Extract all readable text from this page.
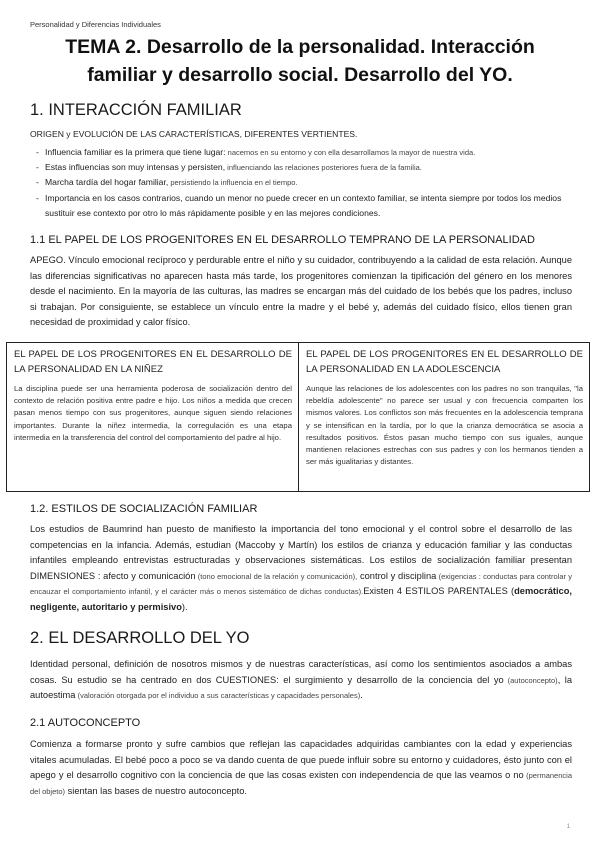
Personalidad y Diferencias Individuales
TEMA 2. Desarrollo de la personalidad. Interacción
familiar y desarrollo social. Desarrollo del YO.
1. INTERACCIÓN FAMILIAR
ORIGEN y EVOLUCIÓN DE LAS CARACTERÍSTICAS, DIFERENTES VERTIENTES.
- Influencia familiar es la primera que tiene lugar: nacemos en su entorno y con ella desarrollamos la mayor de nuestra vida.
- Estas influencias son muy intensas y persisten, influenciando las relaciones posteriores fuera de la familia.
- Marcha tardía del hogar familiar, persistiendo la influencia en el tiempo.
- Importancia en los casos contrarios, cuando un menor no puede crecer en un contexto familiar, se intenta siempre por todos los medios sustituir ese contexto por otro lo más rápidamente posible y en las mejores condiciones.
1.1 EL PAPEL DE LOS PROGENITORES EN EL DESARROLLO TEMPRANO DE LA PERSONALIDAD
APEGO. Vínculo emocional recíproco y perdurable entre el niño y su cuidador, contribuyendo a la calidad de esta relación. Aunque las diferencias significativas no aparecen hasta más tarde, los progenitores comienzan la tipificación del género en los menores desde el nacimiento. En la mayoría de las culturas, las madres se encargan más del cuidado de los bebés que los padres, incluso si trabajan. Por consiguiente, se establece un vínculo entre la madre y el bebé y, además del cuidado físico, ellos tienen gran necesidad de proximidad y calor físico.
EL PAPEL DE LOS PROGENITORES EN EL DESARROLLO DE LA PERSONALIDAD EN LA NIÑEZ
La disciplina puede ser una herramienta poderosa de socialización dentro del contexto de relación positiva entre padre e hijo. Los niños a medida que crecen pasan menos tiempo con sus progenitores, aunque siguen siendo relaciones importantes. Durante la niñez intermedia, la corregulación es una etapa intermedia en la transferencia del control del comportamiento del padre al hijo.
EL PAPEL DE LOS PROGENITORES EN EL DESARROLLO DE LA PERSONALIDAD EN LA ADOLESCENCIA
Aunque las relaciones de los adolescentes con los padres no son tranquilas, "la rebeldía adolescente" no parece ser usual y con frecuencia comparten los mismos valores. Los conflictos son más frecuentes en la adolescencia temprana y se intensifican en la tardía, por lo que la crianza democrática se asocia a resultados positivos. Éstos pasan mucho tiempo con sus iguales, aunque mantienen relaciones estrechas con sus padres y con los hermanos tienden a ser más igualitarias y distantes.
1.2. ESTILOS DE SOCIALIZACIÓN FAMILIAR
Los estudios de Baumrind han puesto de manifiesto la importancia del tono emocional y el control sobre el desarrollo de las competencias en la infancia. Además, estudian (Maccoby y Martín) los estilos de crianza y educación familiar y las conductas infantiles empleando entrevistas estructuradas y observaciones sistemáticas. Los estilos de socialización familiar presentan DIMENSIONES : afecto y comunicación (tono emocional de la relación y comunicación), control y disciplina (exigencias : conductas para controlar y encauzar el comportamiento infantil, y el carácter más o menos sistemático de dichas conductas).Existen 4 ESTILOS PARENTALES (democrático, negligente, autoritario y permisivo).
2. EL DESARROLLO DEL YO
Identidad personal, definición de nosotros mismos y de nuestras características, así como los sentimientos asociados a ambas cosas. Su estudio se ha centrado en dos CUESTIONES: el surgimiento y desarrollo de la conciencia del yo (autoconcepto), la autoestima (valoración otorgada por el individuo a sus características y capacidades personales).
2.1 AUTOCONCEPTO
Comienza a formarse pronto y sufre cambios que reflejan las capacidades adquiridas cambiantes con la edad y experiencias vitales acumuladas. El bebé poco a poco se va dando cuenta de que puede influir sobre su entorno y cuidadores, ésto junto con el apego y el desarrollo cognitivo con la conciencia de que las cosas existen con independencia de que las veamos o no (permanencia del objeto) sientan las bases de nuestro autoconcepto.
1
